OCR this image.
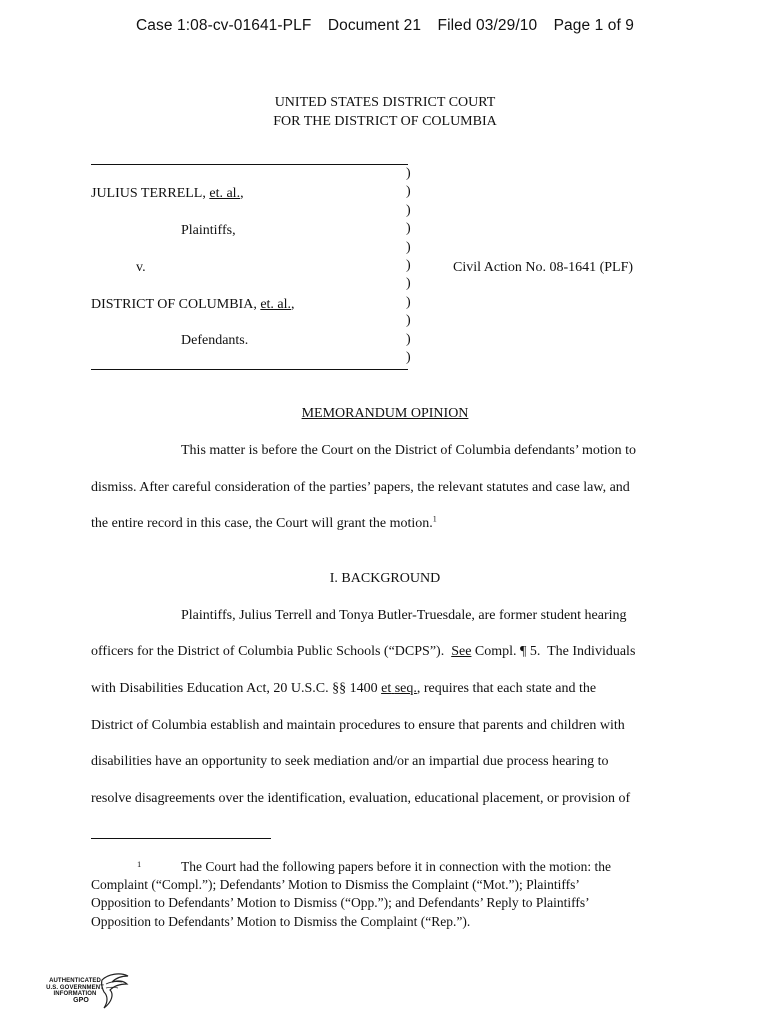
Case 1:08-cv-01641-PLF Document 21 Filed 03/29/10 Page 1 of 9
UNITED STATES DISTRICT COURT
FOR THE DISTRICT OF COLUMBIA
JULIUS TERRELL, et. al.,
Plaintiffs,
v.
DISTRICT OF COLUMBIA, et. al.,
Defendants.
Civil Action No. 08-1641 (PLF)
)
)
)
)
)
)
)
)
)
)
)
MEMORANDUM OPINION
This matter is before the Court on the District of Columbia defendants’ motion to
dismiss. After careful consideration of the parties’ papers, the relevant statutes and case law, and
the entire record in this case, the Court will grant the motion.$^1$
I. BACKGROUND
Plaintiffs, Julius Terrell and Tonya Butler-Truesdale, are former student hearing
officers for the District of Columbia Public Schools (“DCPS”).  See Compl. ¶ 5.  The Individuals
with Disabilities Education Act, 20 U.S.C. §§ 1400 et seq., requires that each state and the
District of Columbia establish and maintain procedures to ensure that parents and children with
disabilities have an opportunity to seek mediation and/or an impartial due process hearing to
resolve disagreements over the identification, evaluation, educational placement, or provision of
1	The Court had the following papers before it in connection with the motion: the
Complaint (“Compl.”); Defendants’ Motion to Dismiss the Complaint (“Mot.”); Plaintiffs’
Opposition to Defendants’ Motion to Dismiss (“Opp.”); and Defendants’ Reply to Plaintiffs’
Opposition to Defendants’ Motion to Dismiss the Complaint (“Rep.”).
AUTHENTICATED
U.S. GOVERNMENT
INFORMATION
GPO
